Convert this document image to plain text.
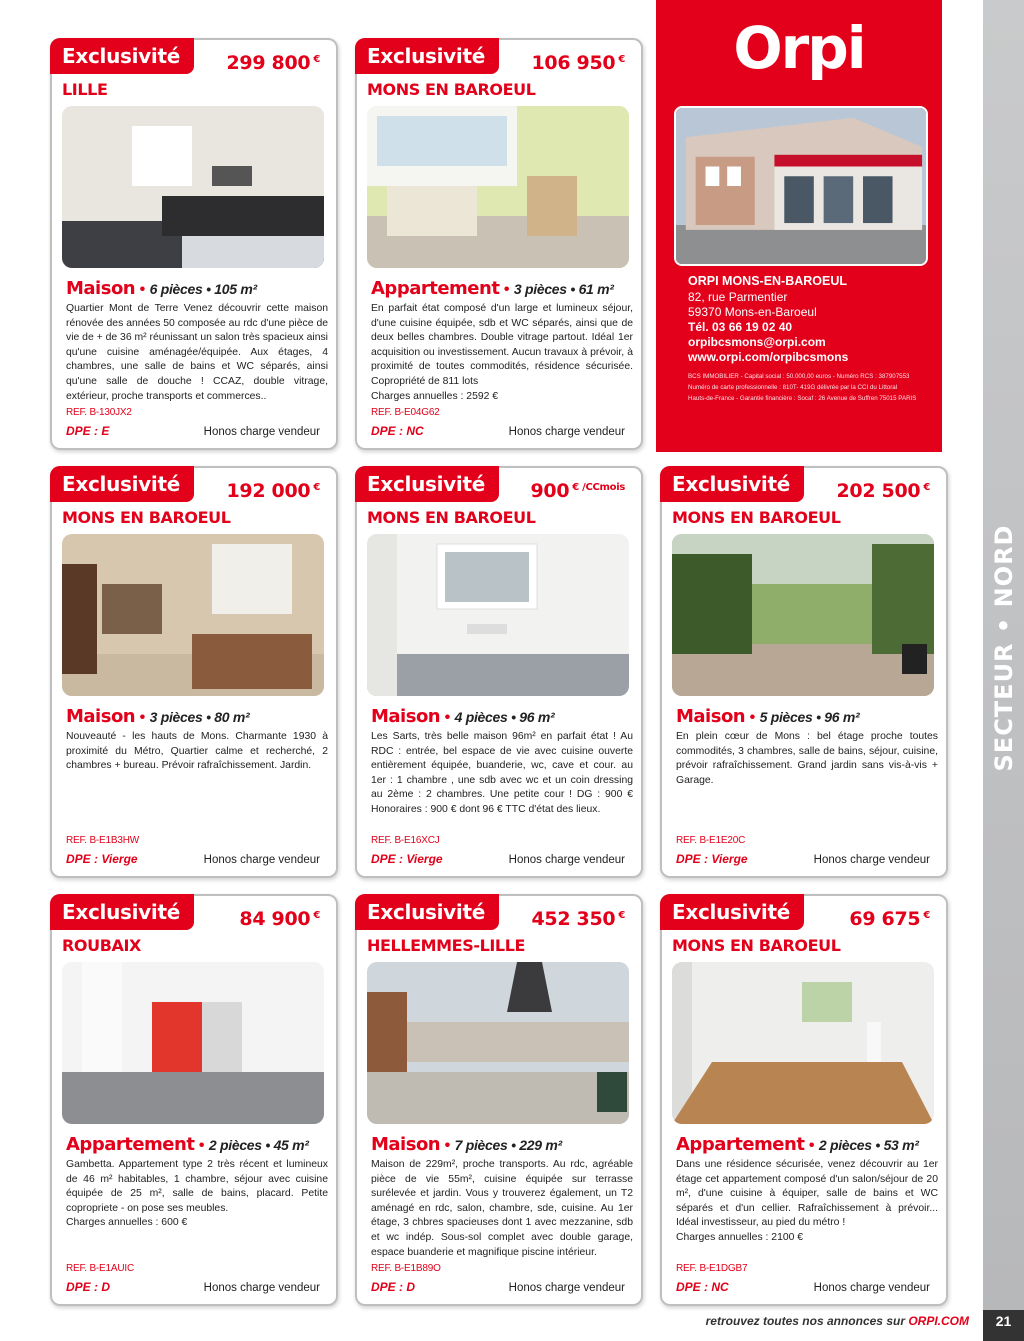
SECTEUR • NORD
Orpi
ORPI MONS-EN-BAROEUL
82, rue Parmentier
59370 Mons-en-Baroeul
Tél. 03 66 19 02 40
orpibcsmons@orpi.com
www.orpi.com/orpibcsmons
BCS IMMOBILIER - Capital social : 50.000,00 euros - Numéro RCS : 387907553
Numéro de carte professionnelle : 810T- 419G délivrée par la CCI du Littoral
Hauts-de-France - Garantie financière : Socaf : 26 Avenue de Suffren 75015 PARIS
Exclusivité	299 800 €
LILLE
Maison • 6 pièces • 105 m²
Quartier Mont de Terre Venez découvrir cette maison rénovée des années 50 composée au rdc d'une pièce de vie de + de 36 m² réunissant un salon très spacieux ainsi qu'une cuisine aménagée/équipée. Aux étages, 4 chambres, une salle de bains et WC séparés, ainsi qu'une salle de douche ! CCAZ, double vitrage, extérieur, proche transports et commerces..
REF. B-130JX2
DPE : E	Honos charge vendeur
Exclusivité	106 950 €
MONS EN BAROEUL
Appartement • 3 pièces • 61 m²
En parfait état composé d'un large et lumineux séjour, d'une cuisine équipée, sdb et WC séparés, ainsi que de deux belles chambres. Double vitrage partout. Idéal 1er acquisition ou investissement. Aucun travaux à prévoir, à proximité de toutes commodités, résidence sécurisée. Copropriété de 811 lots
Charges annuelles : 2592 €
REF. B-E04G62
DPE : NC	Honos charge vendeur
Exclusivité	192 000 €
MONS EN BAROEUL
Maison • 3 pièces • 80 m²
Nouveauté - les hauts de Mons. Charmante 1930 à proximité du Métro, Quartier calme et recherché, 2 chambres + bureau. Prévoir rafraîchissement. Jardin.
REF. B-E1B3HW
DPE : Vierge	Honos charge vendeur
Exclusivité	900 $^{€ /CCmois}$
MONS EN BAROEUL
Maison • 4 pièces • 96 m²
Les Sarts, très belle maison 96m² en parfait état ! Au RDC : entrée, bel espace de vie avec cuisine ouverte entièrement équipée, buanderie, wc, cave et cour. au 1er : 1 chambre , une sdb avec wc et un coin dressing au 2ème : 2 chambres. Une petite cour ! DG : 900 € Honoraires : 900 € dont 96 € TTC d'état des lieux.
REF. B-E16XCJ
DPE : Vierge	Honos charge vendeur
Exclusivité	202 500 €
MONS EN BAROEUL
Maison • 5 pièces • 96 m²
En plein cœur de Mons : bel étage proche toutes commodités, 3 chambres, salle de bains, séjour, cuisine, prévoir rafraîchissement. Grand jardin sans vis-à-vis + Garage.
REF. B-E1E20C
DPE : Vierge	Honos charge vendeur
Exclusivité	84 900 €
ROUBAIX
Appartement • 2 pièces • 45 m²
Gambetta. Appartement type 2 très récent et lumineux de 46 m² habitables, 1 chambre, séjour avec cuisine équipée de 25 m², salle de bains, placard. Petite copropriete - on pose ses meubles.
Charges annuelles : 600 €
REF. B-E1AUIC
DPE : D	Honos charge vendeur
Exclusivité	452 350 €
HELLEMMES-LILLE
Maison • 7 pièces • 229 m²
Maison de 229m², proche transports. Au rdc, agréable pièce de vie 55m², cuisine équipée sur terrasse surélevée et jardin. Vous y trouverez également, un T2 aménagé en rdc, salon, chambre, sde, cuisine. Au 1er étage, 3 chbres spacieuses dont 1 avec mezzanine, sdb et wc indép. Sous-sol complet avec double garage, espace buanderie et magnifique piscine intérieur.
REF. B-E1B89O
DPE : D	Honos charge vendeur
Exclusivité	69 675 €
MONS EN BAROEUL
Appartement • 2 pièces • 53 m²
Dans une résidence sécurisée, venez découvrir au 1er étage cet appartement composé d'un salon/séjour de 20 m², d'une cuisine à équiper, salle de bains et WC séparés et d'un cellier. Rafraîchissement à prévoir... Idéal investisseur, au pied du métro !
Charges annuelles : 2100 €
REF. B-E1DGB7
DPE : NC	Honos charge vendeur
retrouvez toutes nos annonces sur ORPI.COM	21
